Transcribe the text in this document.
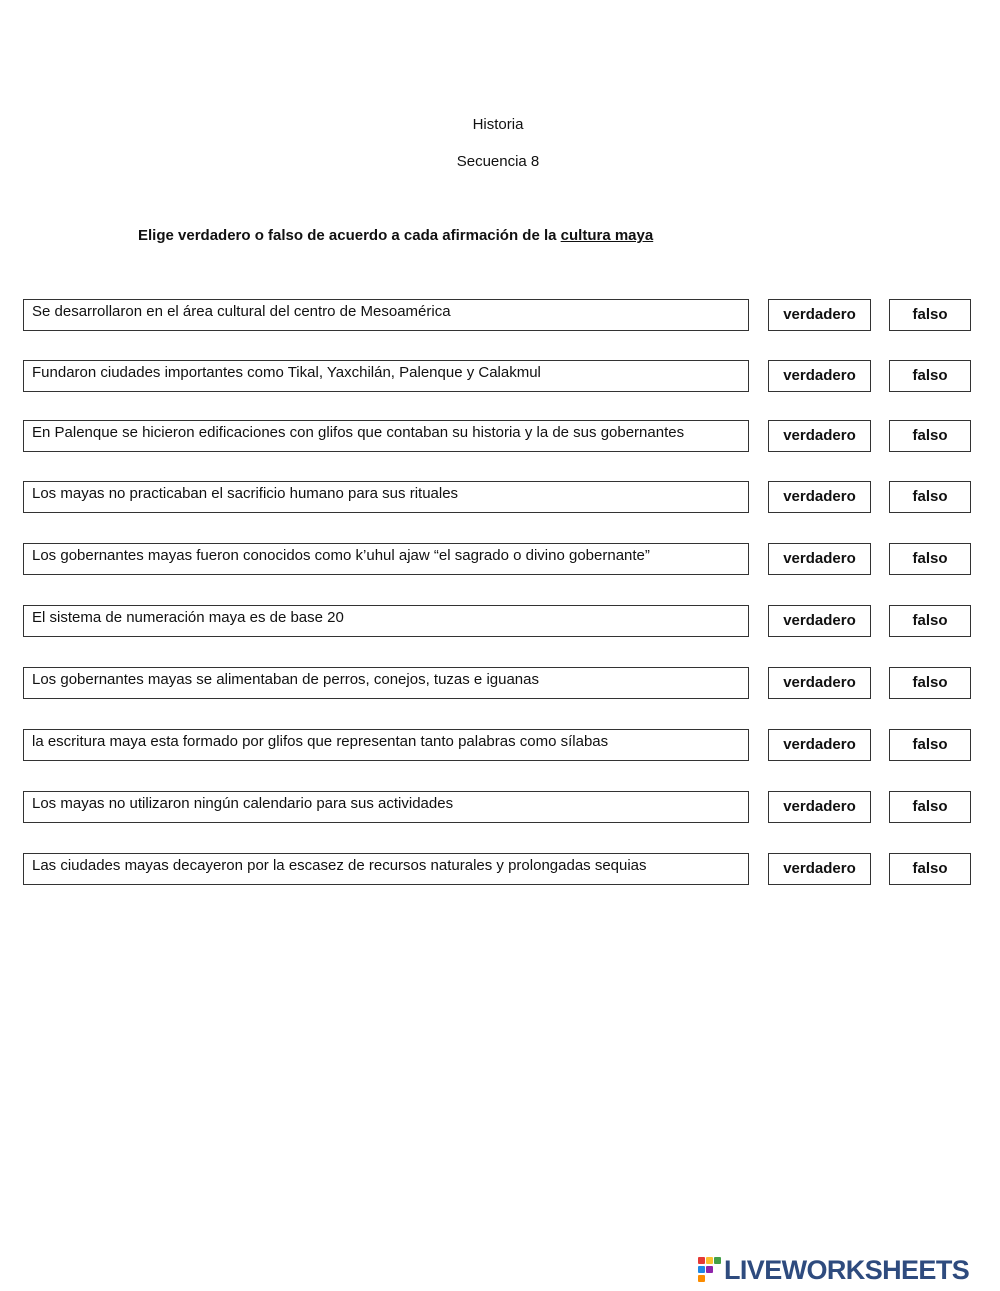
Historia
Secuencia 8
Elige verdadero o falso de acuerdo a cada afirmación de la cultura maya
Se desarrollaron en el área cultural del centro de Mesoamérica	verdadero	falso
Fundaron ciudades importantes como Tikal, Yaxchilán, Palenque y Calakmul	verdadero	falso
En Palenque se hicieron edificaciones con glifos que contaban su historia y la de sus gobernantes	verdadero	falso
Los mayas no practicaban el sacrificio humano para sus rituales	verdadero	falso
Los gobernantes mayas fueron conocidos como k’uhul ajaw “el sagrado o divino gobernante”	verdadero	falso
El sistema de numeración maya es de base 20	verdadero	falso
Los gobernantes mayas se alimentaban de perros, conejos, tuzas e iguanas	verdadero	falso
la escritura maya esta formado por glifos que representan tanto palabras como sílabas	verdadero	falso
Los mayas no utilizaron ningún calendario para sus actividades	verdadero	falso
Las ciudades mayas decayeron por la escasez de recursos naturales y prolongadas sequias	verdadero	falso
LIVEWORKSHEETS
